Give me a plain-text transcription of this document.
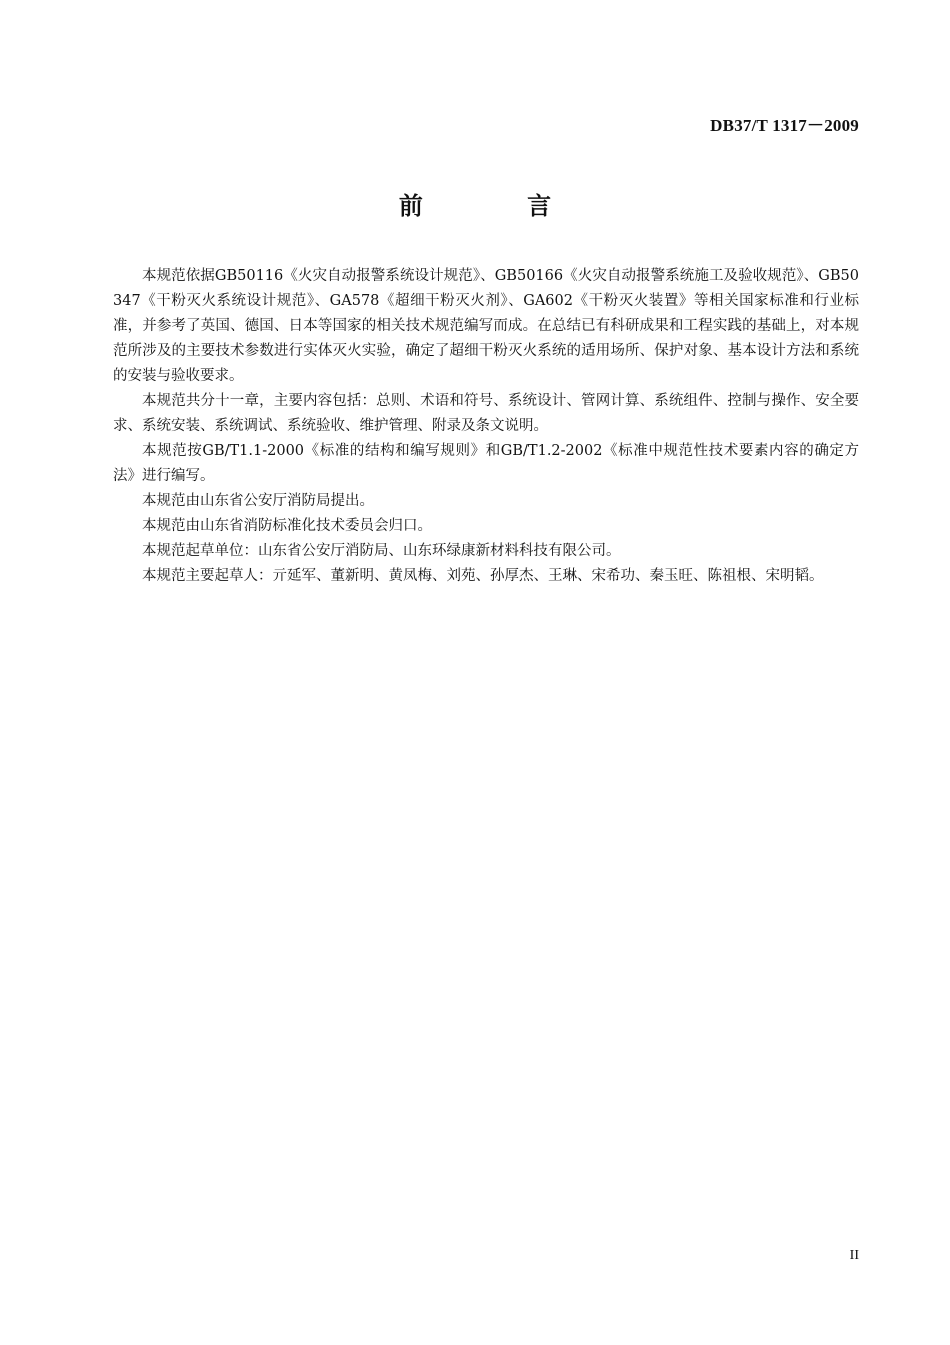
DB37/T 1317－2009
前 言

本规范依据GB50116《火灾自动报警系统设计规范》、GB50166《火灾自动报警系统施工及验收规范》、GB50347《干粉灭火系统设计规范》、GA578《超细干粉灭火剂》、GA602《干粉灭火装置》等相关国家标准和行业标准，并参考了英国、德国、日本等国家的相关技术规范编写而成。在总结已有科研成果和工程实践的基础上，对本规范所涉及的主要技术参数进行实体灭火实验，确定了超细干粉灭火系统的适用场所、保护对象、基本设计方法和系统的安装与验收要求。

本规范共分十一章，主要内容包括：总则、术语和符号、系统设计、管网计算、系统组件、控制与操作、安全要求、系统安装、系统调试、系统验收、维护管理、附录及条文说明。

本规范按GB/T1.1-2000《标准的结构和编写规则》和GB/T1.2-2002《标准中规范性技术要素内容的确定方法》进行编写。

本规范由山东省公安厅消防局提出。

本规范由山东省消防标准化技术委员会归口。

本规范起草单位：山东省公安厅消防局、山东环绿康新材料科技有限公司。

本规范主要起草人：亓延军、董新明、黄凤梅、刘苑、孙厚杰、王琳、宋希功、秦玉旺、陈祖根、宋明韬。

II
